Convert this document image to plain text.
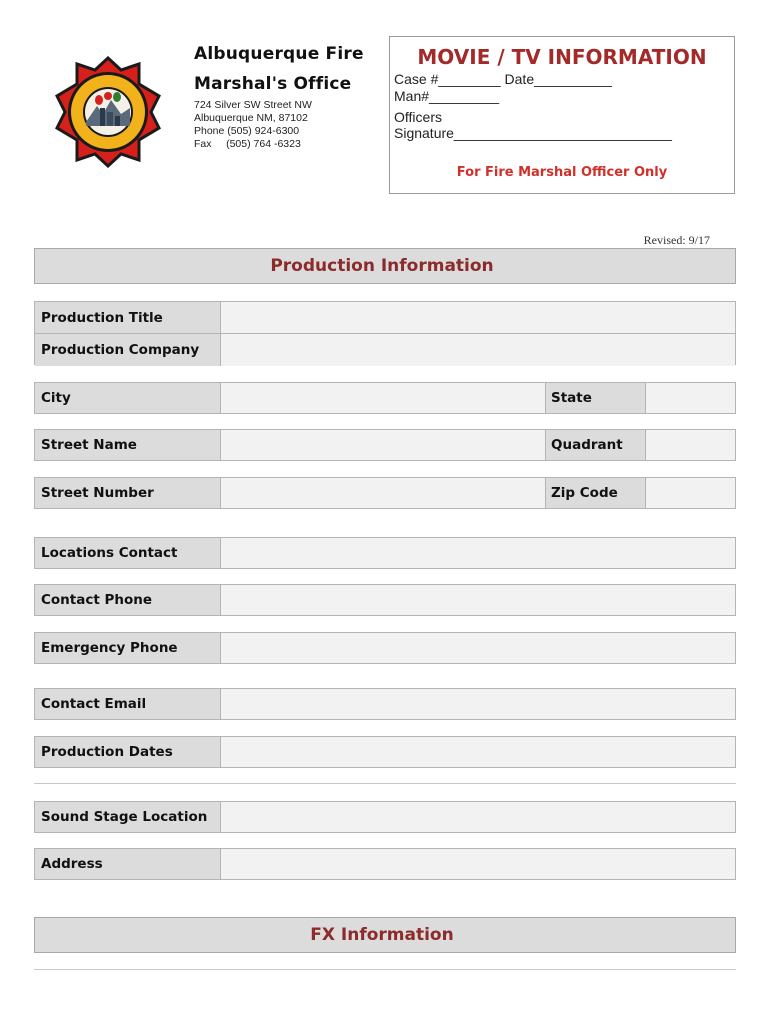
Albuquerque Fire
Marshal's Office
724 Silver SW Street NW
Albuquerque NM, 87102
Phone (505) 924-6300
Fax     (505) 764 -6323
MOVIE / TV INFORMATION
Case #________ Date__________
Man#_________
Officers
Signature____________________________
For Fire Marshal Officer Only
Revised: 9/17
Production Information
Production Title
Production Company
City	State
Street Name	Quadrant
Street Number	Zip Code
Locations Contact
Contact Phone
Emergency Phone
Contact Email
Production Dates
Sound Stage Location
Address
FX Information
